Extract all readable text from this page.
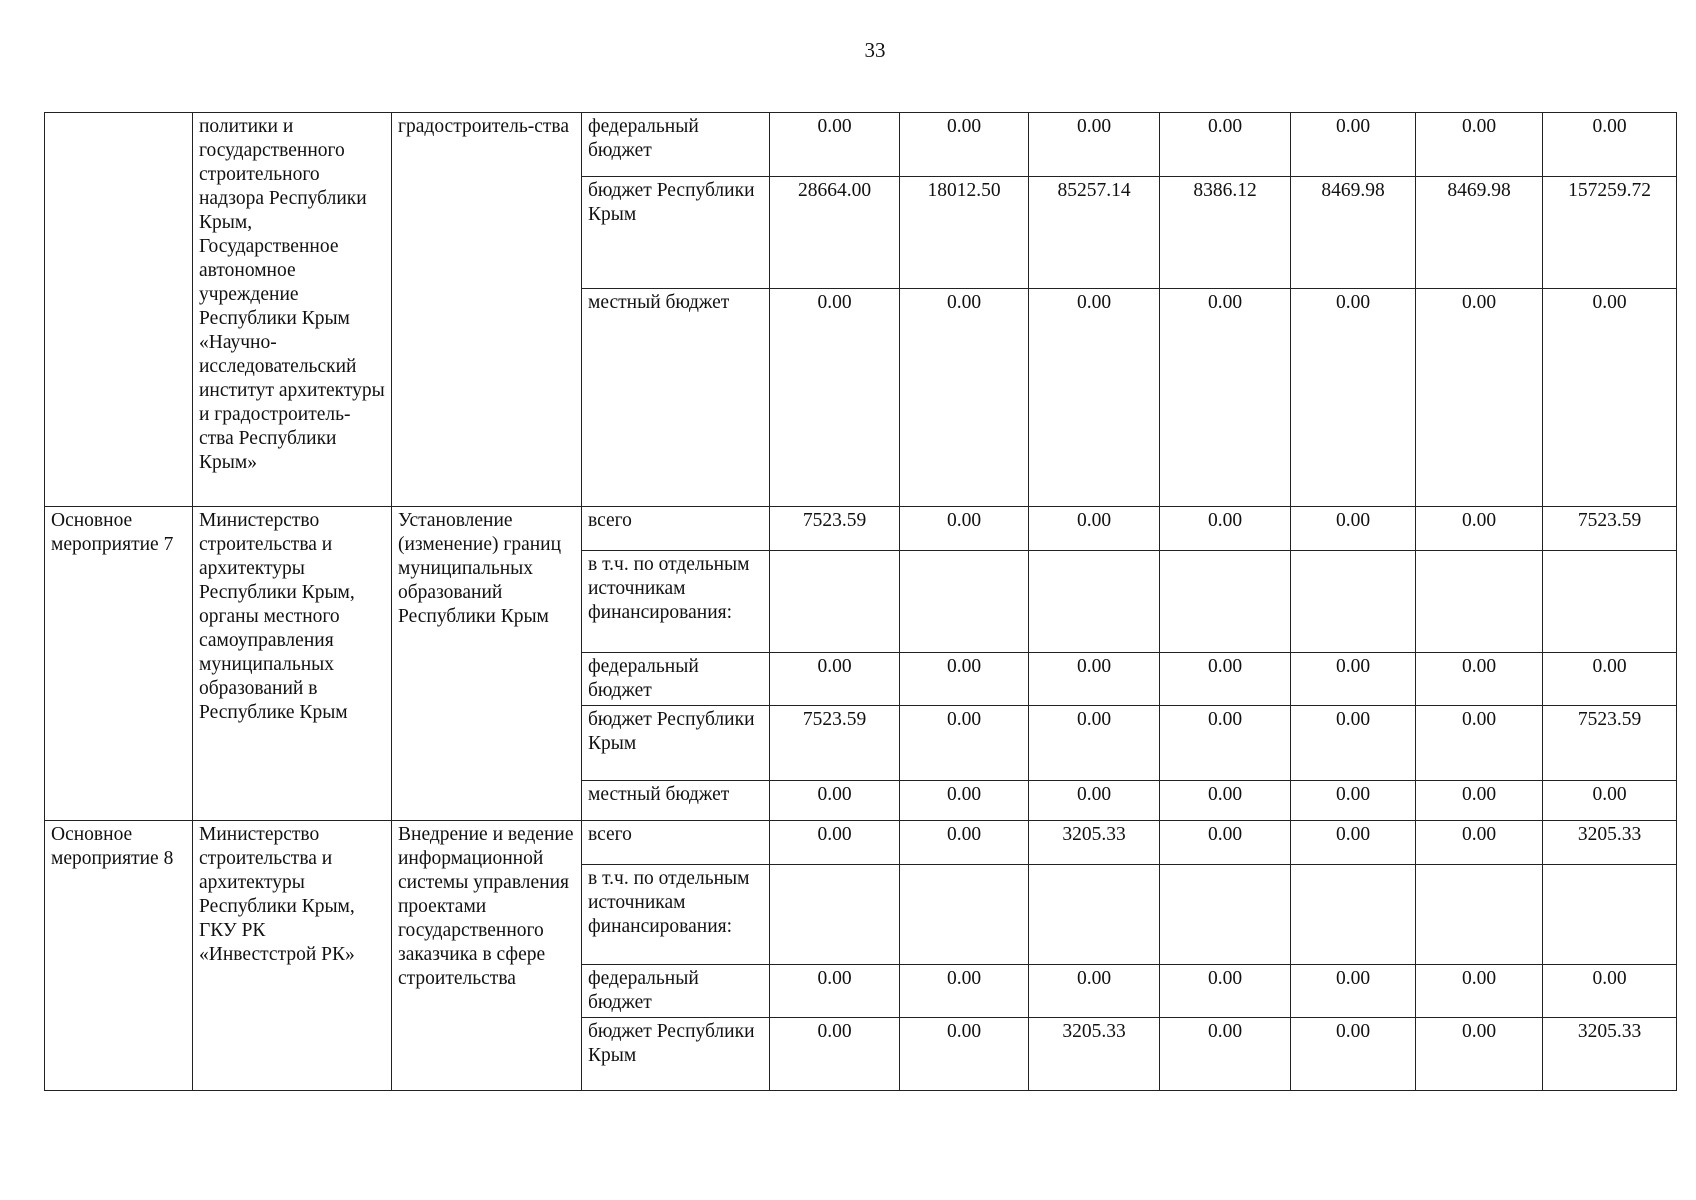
33
	политики и государственного строительного надзора Республики Крым, Государственное автономное учреждение Республики Крым «Научно-исследовательский институт архитектуры и градостроитель-ства Республики Крым»	градостроитель-ства	федеральный бюджет	0.00	0.00	0.00	0.00	0.00	0.00	0.00
			бюджет Республики Крым	28664.00	18012.50	85257.14	8386.12	8469.98	8469.98	157259.72
			местный бюджет	0.00	0.00	0.00	0.00	0.00	0.00	0.00
Основное мероприятие 7	Министерство строительства и архитектуры Республики Крым, органы местного самоуправления муниципальных образований в Республике Крым	Установление (изменение) границ муниципальных образований Республики Крым	всего	7523.59	0.00	0.00	0.00	0.00	0.00	7523.59
			в т.ч. по отдельным источникам финансирования:							
			федеральный бюджет	0.00	0.00	0.00	0.00	0.00	0.00	0.00
			бюджет Республики Крым	7523.59	0.00	0.00	0.00	0.00	0.00	7523.59
			местный бюджет	0.00	0.00	0.00	0.00	0.00	0.00	0.00
Основное мероприятие 8	Министерство строительства и архитектуры Республики Крым, ГКУ РК «Инвестстрой РК»	Внедрение и ведение информационной системы управления проектами государственного заказчика в сфере строительства	всего	0.00	0.00	3205.33	0.00	0.00	0.00	3205.33
			в т.ч. по отдельным источникам финансирования:							
			федеральный бюджет	0.00	0.00	0.00	0.00	0.00	0.00	0.00
			бюджет Республики Крым	0.00	0.00	3205.33	0.00	0.00	0.00	3205.33
